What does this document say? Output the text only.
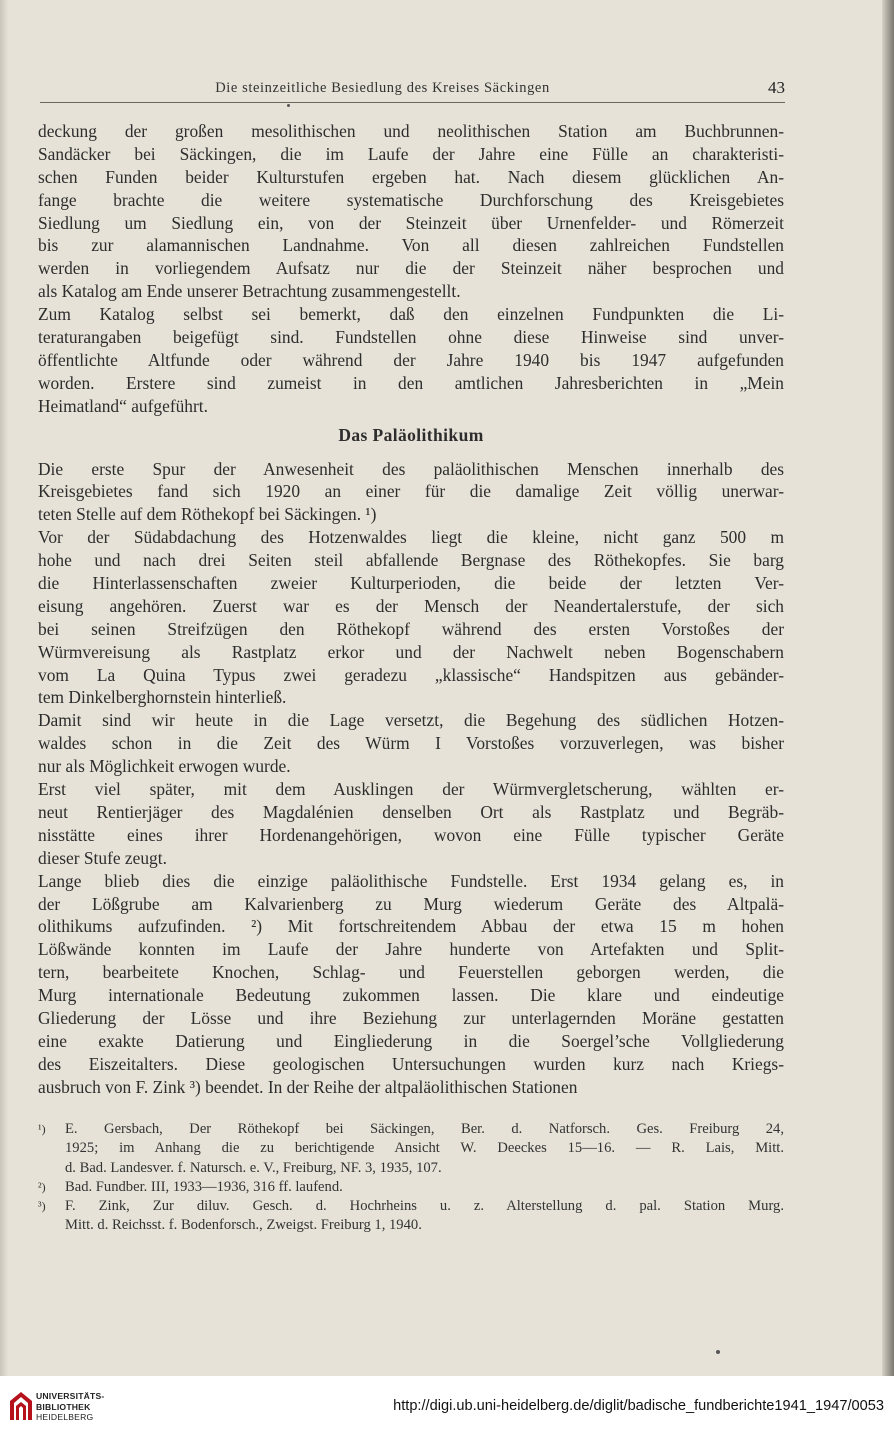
Die steinzeitliche Besiedlung des Kreises Säckingen	43
deckung der großen mesolithischen und neolithischen Station am Buchbrunnen-
Sandäcker bei Säckingen, die im Laufe der Jahre eine Fülle an charakteristi-
schen Funden beider Kulturstufen ergeben hat. Nach diesem glücklichen An-
fange brachte die weitere systematische Durchforschung des Kreisgebietes
Siedlung um Siedlung ein, von der Steinzeit über Urnenfelder- und Römerzeit
bis zur alamannischen Landnahme. Von all diesen zahlreichen Fundstellen
werden in vorliegendem Aufsatz nur die der Steinzeit näher besprochen und
als Katalog am Ende unserer Betrachtung zusammengestellt.
Zum Katalog selbst sei bemerkt, daß den einzelnen Fundpunkten die Li-
teraturangaben beigefügt sind. Fundstellen ohne diese Hinweise sind unver-
öffentlichte Altfunde oder während der Jahre 1940 bis 1947 aufgefunden
worden. Erstere sind zumeist in den amtlichen Jahresberichten in „Mein
Heimatland“ aufgeführt.
Das Paläolithikum
Die erste Spur der Anwesenheit des paläolithischen Menschen innerhalb des
Kreisgebietes fand sich 1920 an einer für die damalige Zeit völlig unerwar-
teten Stelle auf dem Röthekopf bei Säckingen. ¹)
Vor der Südabdachung des Hotzenwaldes liegt die kleine, nicht ganz 500 m
hohe und nach drei Seiten steil abfallende Bergnase des Röthekopfes. Sie barg
die Hinterlassenschaften zweier Kulturperioden, die beide der letzten Ver-
eisung angehören. Zuerst war es der Mensch der Neandertalerstufe, der sich
bei seinen Streifzügen den Röthekopf während des ersten Vorstoßes der
Würmvereisung als Rastplatz erkor und der Nachwelt neben Bogenschabern
vom La Quina Typus zwei geradezu „klassische“ Handspitzen aus gebänder-
tem Dinkelberghornstein hinterließ.
Damit sind wir heute in die Lage versetzt, die Begehung des südlichen Hotzen-
waldes schon in die Zeit des Würm I Vorstoßes vorzuverlegen, was bisher
nur als Möglichkeit erwogen wurde.
Erst viel später, mit dem Ausklingen der Würmvergletscherung, wählten er-
neut Rentierjäger des Magdalénien denselben Ort als Rastplatz und Begräb-
nisstätte eines ihrer Hordenangehörigen, wovon eine Fülle typischer Geräte
dieser Stufe zeugt.
Lange blieb dies die einzige paläolithische Fundstelle. Erst 1934 gelang es, in
der Lößgrube am Kalvarienberg zu Murg wiederum Geräte des Altpalä-
olithikums aufzufinden. ²) Mit fortschreitendem Abbau der etwa 15 m hohen
Lößwände konnten im Laufe der Jahre hunderte von Artefakten und Split-
tern, bearbeitete Knochen, Schlag- und Feuerstellen geborgen werden, die
Murg internationale Bedeutung zukommen lassen. Die klare und eindeutige
Gliederung der Lösse und ihre Beziehung zur unterlagernden Moräne gestatten
eine exakte Datierung und Eingliederung in die Soergel’sche Vollgliederung
des Eiszeitalters. Diese geologischen Untersuchungen wurden kurz nach Kriegs-
ausbruch von F. Zink ³) beendet. In der Reihe der altpaläolithischen Stationen
¹)	E. Gersbach, Der Röthekopf bei Säckingen, Ber. d. Natforsch. Ges. Freiburg 24,
1925; im Anhang die zu berichtigende Ansicht W. Deeckes 15—16. — R. Lais, Mitt.
d. Bad. Landesver. f. Natursch. e. V., Freiburg, NF. 3, 1935, 107.
²)	Bad. Fundber. III, 1933—1936, 316 ff. laufend.
³)	F. Zink, Zur diluv. Gesch. d. Hochrheins u. z. Alterstellung d. pal. Station Murg.
Mitt. d. Reichsst. f. Bodenforsch., Zweigst. Freiburg 1, 1940.
UNIVERSITÄTS-
BIBLIOTHEK
HEIDELBERG
http://digi.ub.uni-heidelberg.de/diglit/badische_fundberichte1941_1947/0053
